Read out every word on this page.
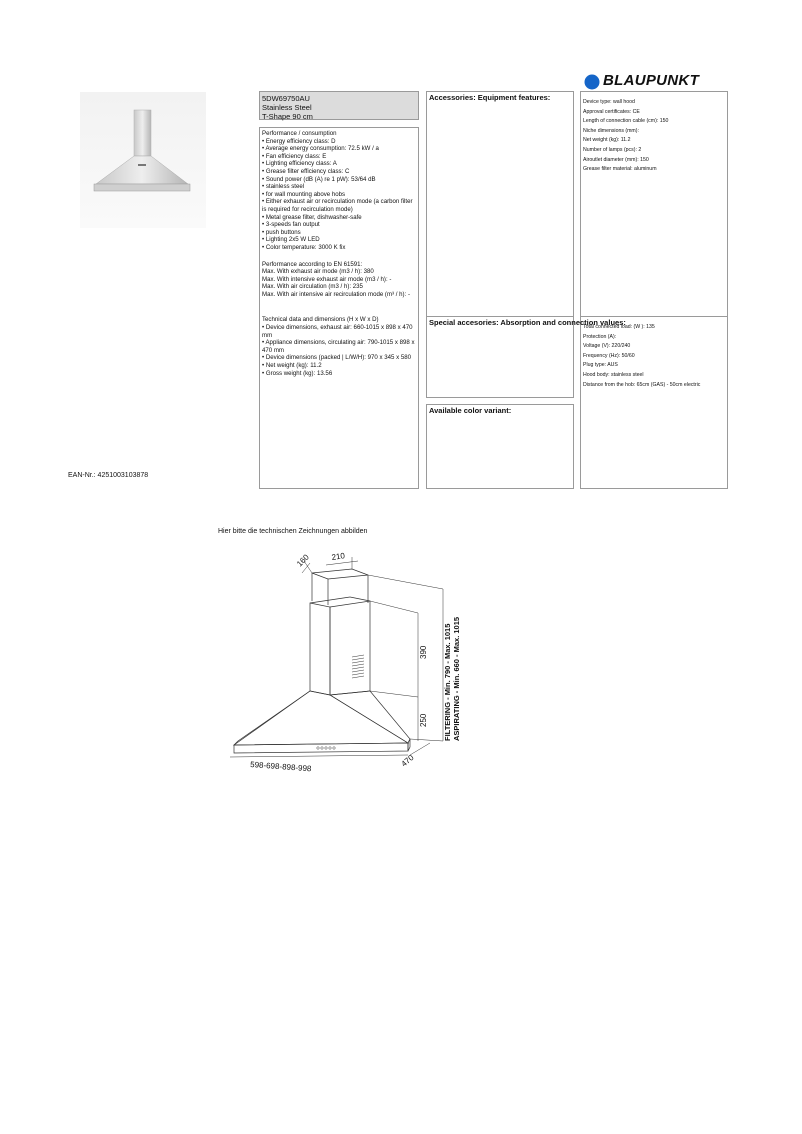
BLAUPUNKT
5DW69750AU
Stainless Steel
T-Shape 90 cm
Performance / consumption
• Energy efficiency class: D
• Average energy consumption: 72.5 kW / a
• Fan efficiency class: E
• Lighting efficiency class: A
• Grease filter efficiency class: C
• Sound power (dB (A) re 1 pW): 53/64 dB
• stainless steel
• for wall mounting above hobs
• Either exhaust air or recirculation mode (a carbon filter is required for recirculation mode)
• Metal grease filter, dishwasher-safe
• 3-speeds fan output
• push buttons
• Lighting 2x5 W LED
• Color temperature: 3000 K fix
Performance according to EN 61591:
Max. With exhaust air mode (m3 / h): 380
Max. With intensive exhaust air mode (m3 / h): -
Max. With air circulation (m3 / h): 235
Max. With air intensive air recirculation mode (m³ / h): -
Technical data and dimensions (H x W x D)
• Device dimensions, exhaust air: 660-1015 x 898 x 470 mm
• Appliance dimensions, circulating air: 790-1015 x 898 x 470 mm
• Device dimensions (packed | L/W/H): 970 x 345 x 580
• Net weight (kg): 11.2
• Gross weight (kg): 13.56
Accessories: Equipment features:
Special accesories: Absorption and connection values:
Available color variant:
Device type: wall hood
Approval certificates: CE
Length of connection cable (cm): 150
Niche dimensions (mm):
Net weight (kg): 11.2
Number of lamps (pcs): 2
Airoutlet diameter (mm): 150
Grease filter material: aluminum
Total connected load: (W ): 135
Protection (A):
Voltage (V): 220/240
Frequency (Hz): 50/60
Plug type: AUS
Hood body: stainless steel
Distance from the hob: 65cm (GAS) - 50cm electric
EAN-Nr.: 4251003103878
Hier bitte die technischen Zeichnungen abbilden
160	210
390
250
598-698-898-998	470
FILTERING - Min. 790 - Max. 1015 ASPIRATING - Min. 660 - Max. 1015
